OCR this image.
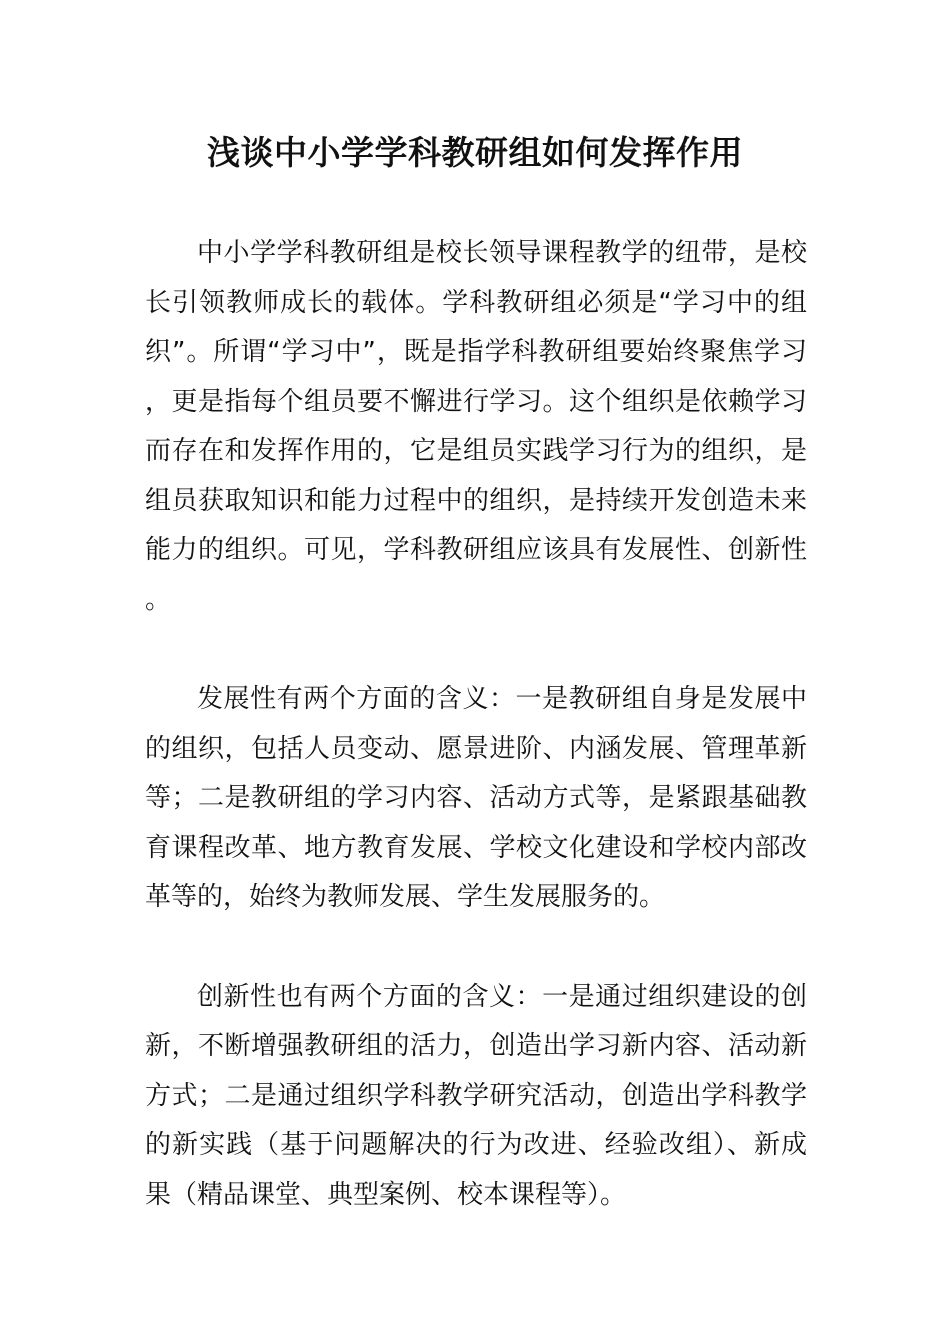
浅谈中小学学科教研组如何发挥作用

中小学学科教研组是校长领导课程教学的纽带，是校长引领教师成长的载体。学科教研组必须是“学习中的组织”。所谓“学习中”，既是指学科教研组要始终聚焦学习，更是指每个组员要不懈进行学习。这个组织是依赖学习而存在和发挥作用的，它是组员实践学习行为的组织，是组员获取知识和能力过程中的组织，是持续开发创造未来能力的组织。可见，学科教研组应该具有发展性、创新性。

发展性有两个方面的含义：一是教研组自身是发展中的组织，包括人员变动、愿景进阶、内涵发展、管理革新等；二是教研组的学习内容、活动方式等，是紧跟基础教育课程改革、地方教育发展、学校文化建设和学校内部改革等的，始终为教师发展、学生发展服务的。

创新性也有两个方面的含义：一是通过组织建设的创新，不断增强教研组的活力，创造出学习新内容、活动新方式；二是通过组织学科教学研究活动，创造出学科教学的新实践（基于问题解决的行为改进、经验改组）、新成果（精品课堂、典型案例、校本课程等）。
